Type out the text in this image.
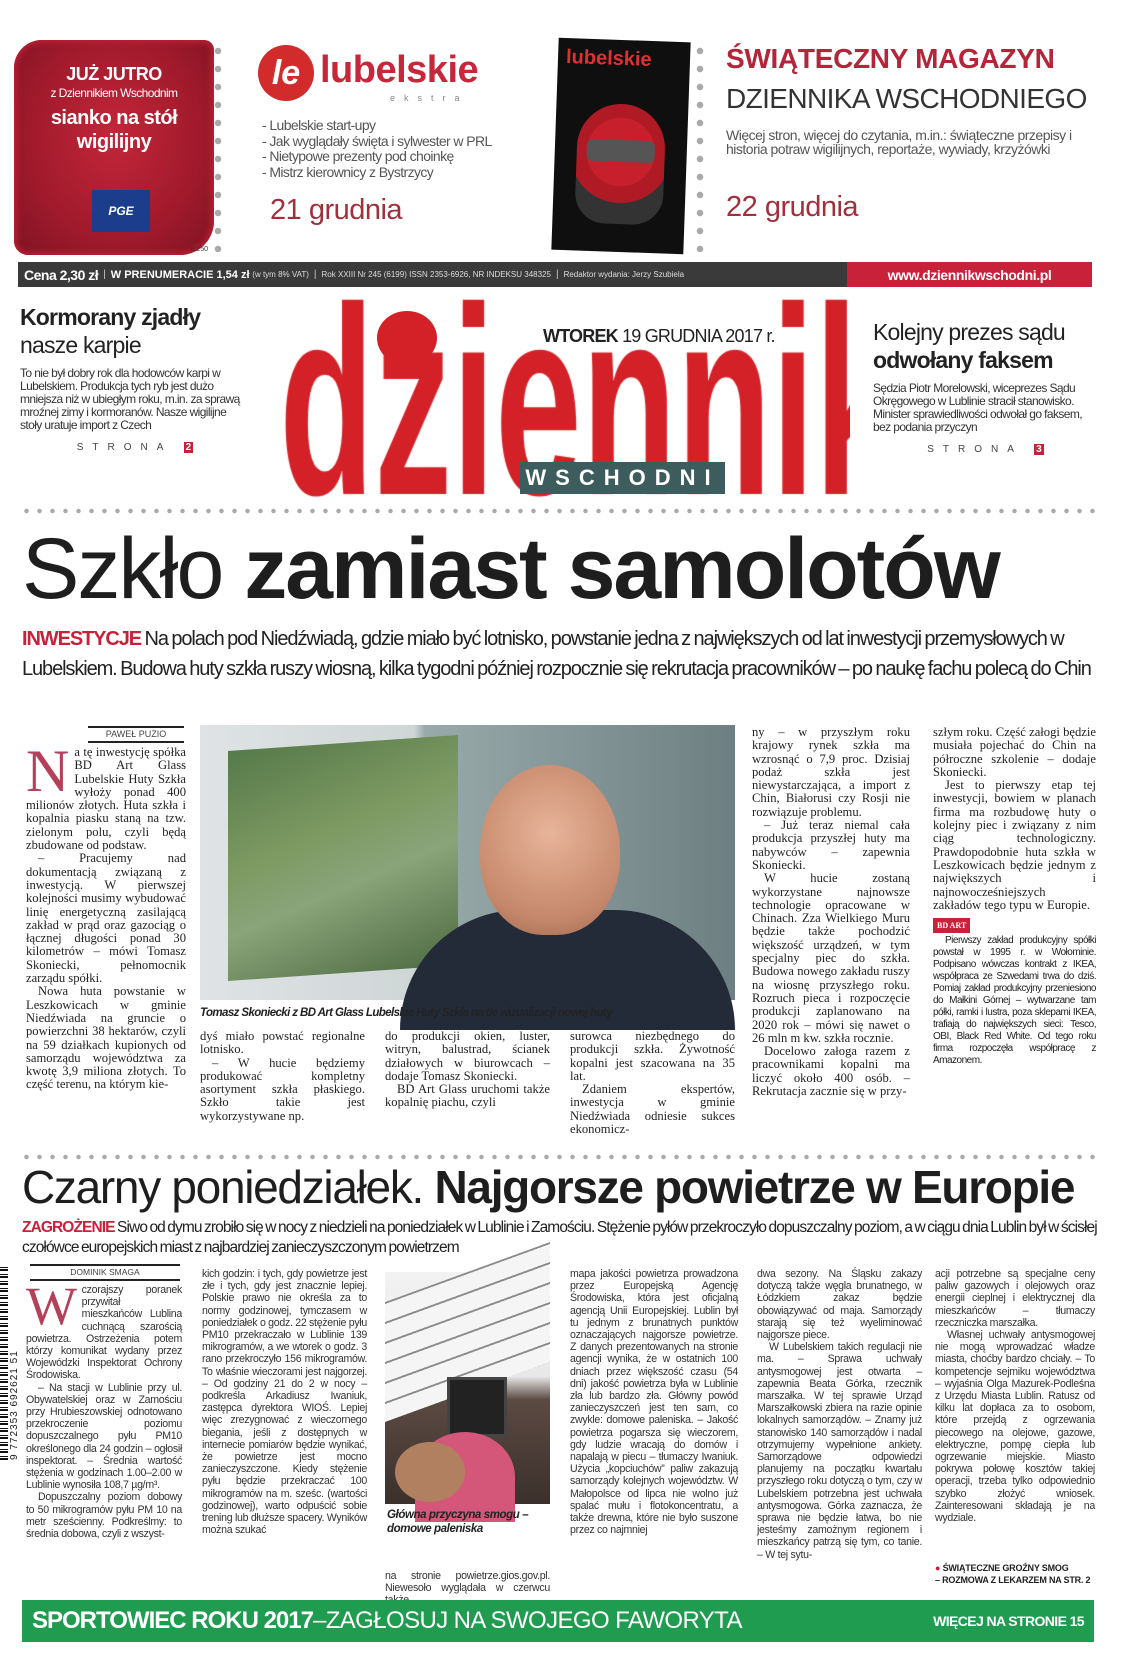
JUŻ JUTRO
z Dziennikiem Wschodnim
sianko na stół wigilijny
PGE
te250
le lubelskie
ekstra
- Lubelskie start-upy
- Jak wyglądały święta i sylwester w PRL
- Nietypowe prezenty pod choinkę
- Mistrz kierownicy z Bystrzycy
21 grudnia
lubelskie	ŚWIĄTECZNY MAGAZYN
DZIENNIKA WSCHODNIEGO
Więcej stron, więcej do czytania, m.in.: świąteczne przepisy i historia potraw wigilijnych, reportaże, wywiady, krzyżówki
22 grudnia
Cena 2,30 zł | W PRENUMERACIE 1,54 zł
(w tym 8% VAT) | Rok XXIII Nr 245 (6199) ISSN 2353-6926, NR INDEKSU 348325 | Redaktor wydania: Jerzy Szubiela	www.dziennikwschodni.pl
Kormorany zjadły
nasze karpie

To nie był dobry rok dla hodowców karpi w Lubelskiem. Produkcja tych ryb jest dużo mniejsza niż w ubiegłym roku, m.in. za sprawą mroźnej zimy i kormoranów. Nasze wigilijne stoły uratuje import z Czech

STRONA 2
WSCHODNI
WTOREK 19 GRUDNIA 2017 r.	Kolejny prezes sądu
odwołany faksem

Sędzia Piotr Morelowski, wiceprezes Sądu Okręgowego w Lublinie stracił stanowisko. Minister sprawiedliwości odwołał go faksem, bez podania przyczyn

STRONA 3
Szkło zamiast samolotów
INWESTYCJE Na polach pod Niedźwiadą, gdzie miało być lotnisko, powstanie jedna z największych od lat inwestycji przemysłowych w Lubelskiem. Budowa huty szkła ruszy wiosną, kilka tygodni później rozpocznie się rekrutacja pracowników – po naukę fachu polecą do Chin
PAWEŁ PUZIO
N a tę inwestycję spółka BD Art Glass Lubelskie Huty Szkła wyłoży ponad 400 milionów złotych. Huta szkła i kopalnia piasku staną na tzw. zielonym polu, czyli będą zbudowane od podstaw.

– Pracujemy nad dokumentacją związaną z inwestycją. W pierwszej kolejności musimy wybudować linię energetyczną zasilającą zakład w prąd oraz gazociąg o łącznej długości ponad 30 kilometrów – mówi Tomasz Skoniecki, pełnomocnik zarządu spółki.

Nowa huta powstanie w Leszkowicach w gminie Niedźwiada na gruncie o powierzchni 38 hektarów, czyli na 59 działkach kupionych od samorządu województwa za kwotę 3,9 miliona złotych. To część terenu, na którym kie-

Tomasz Skoniecki z BD Art Glass Lubelskie Huty Szkła na tle wizualizacji nowej huty

dyś miało powstać regionalne lotnisko.

– W hucie będziemy produkować kompletny asortyment szkła płaskiego. Szkło takie jest wykorzystywane np.

do produkcji okien, luster, witryn, balustrad, ścianek działowych w biurowcach – dodaje Tomasz Skoniecki.

BD Art Glass uruchomi także kopalnię piachu, czyli

surowca niezbędnego do produkcji szkła. Żywotność kopalni jest szacowana na 35 lat.

Zdaniem ekspertów, inwestycja w gminie Niedźwiada odniesie sukces ekonomicz-

ny – w przyszłym roku krajowy rynek szkła ma wzrosnąć o 7,9 proc. Dzisiaj podaż szkła jest niewystarczająca, a import z Chin, Białorusi czy Rosji nie rozwiązuje problemu.

– Już teraz niemal cała produkcja przyszłej huty ma nabywców – zapewnia Skoniecki.

W hucie zostaną wykorzystane najnowsze technologie opracowane w Chinach. Zza Wielkiego Muru będzie także pochodzić większość urządzeń, w tym specjalny piec do szkła. Budowa nowego zakładu ruszy na wiosnę przyszłego roku. Rozruch pieca i rozpoczęcie produkcji zaplanowano na 2020 rok – mówi się nawet o 26 mln m kw. szkła rocznie.

Docelowo załoga razem z pracownikami kopalni ma liczyć około 400 osób. – Rekrutacja zacznie się w przy-

szłym roku. Część załogi będzie musiała pojechać do Chin na półroczne szkolenie – dodaje Skoniecki.

Jest to pierwszy etap tej inwestycji, bowiem w planach firma ma rozbudowę huty o kolejny piec i związany z nim ciąg technologiczny. Prawdopodobnie huta szkła w Leszkowicach będzie jednym z największych i najnowocześniejszych zakładów tego typu w Europie.

BD ART

Pierwszy zakład produkcyjny spółki powstał w 1995 r. w Wołominie. Podpisano wówczas kontrakt z IKEA, współpraca ze Szwedami trwa do dziś. Pomiaj zakład produkcyjny przeniesiono do Małkini Górnej – wytwarzane tam półki, ramki i lustra, poza sklepami IKEA, trafiają do największych sieci: Tesco, OBI, Black Red White. Od tego roku firma rozpoczęła współpracę z Amazonem.

Czarny poniedziałek. Najgorsze powietrze w Europie
ZAGROŻENIE Siwo od dymu zrobiło się w nocy z niedzieli na poniedziałek w Lublinie i Zamościu. Stężenie pyłów przekroczyło dopuszczalny poziom, a w ciągu dnia Lublin był w ścisłej czołówce europejskich miast z najbardziej zanieczyszczonym powietrzem
9 772353 692621 51
DOMINIK SMAGA
W czorajszy poranek przywitał mieszkańców Lublina cuchnącą szarością powietrza. Ostrzeżenia potem którzy komunikat wydany przez Wojewódzki Inspektorat Ochrony Środowiska.

– Na stacji w Lublinie przy ul. Obywatelskiej oraz w Zamościu przy Hrubieszowskiej odnotowano przekroczenie poziomu dopuszczalnego pyłu PM10 określonego dla 24 godzin – ogłosił inspektorat. – Średnia wartość stężenia w godzinach 1.00–2.00 w Lublinie wynosiła 108,7 µg/m³.

Dopuszczalny poziom dobowy to 50 mikrogramów pyłu PM 10 na metr sześcienny. Podkreślmy: to średnia dobowa, czyli z wszyst-

kich godzin: i tych, gdy powietrze jest złe i tych, gdy jest znacznie lepiej. Polskie prawo nie określa za to normy godzinowej, tymczasem w poniedziałek o godz. 22 stężenie pyłu PM10 przekraczało w Lublinie 139 mikrogramów, a we wtorek o godz. 3 rano przekroczyło 156 mikrogramów. To właśnie wieczorami jest najgorzej. – Od godziny 21 do 2 w nocy – podkreśla Arkadiusz Iwaniuk, zastępca dyrektora WIOŚ. Lepiej więc zrezygnować z wieczornego biegania, jeśli z dostępnych w internecie pomiarów będzie wynikać, że powietrze jest mocno zanieczyszczone. Kiedy stężenie pyłu będzie przekraczać 100 mikrogramów na m. sześc. (wartości godzinowej), warto odpuścić sobie trening lub dłuższe spacery. Wyników można szukać

Główna przyczyna smogu – domowe paleniska

na stronie powietrze.gios.gov.pl. Niewesoło wyglądała w czerwcu

mapa jakości powietrza prowadzona przez Europejską Agencję Środowiska, która jest oficjalną agencją Unii Europejskiej. Lublin był tu jednym z brunatnych punktów oznaczających najgorsze powietrze. Z danych prezentowanych na stronie agencji wynika, że w ostatnich 100 dniach przez większość czasu (54 dni) jakość powietrza była w Lublinie zła lub bardzo zła. Główny powód zanieczyszczeń jest ten sam, co zwykle: domowe paleniska. – Jakość powietrza pogarsza się wieczorem, gdy ludzie wracają do domów i napalają w piecu – tłumaczy Iwaniuk. Użycia „kopciuchów” paliw zakazują samorządy kolejnych województw. W Małopolsce od lipca nie wolno już spalać mułu i flotokoncentratu, a także drewna, które nie było suszone przez co najmniej

dwa sezony. Na Śląsku zakazy dotyczą także węgla brunatnego, w Łódzkiem zakaz będzie obowiązywać od maja. Samorządy starają się też wyeliminować najgorsze piece.

W Lubelskiem takich regulacji nie ma. – Sprawa uchwały antysmogowej jest otwarta – zapewnia Beata Górka, rzecznik marszałka. W tej sprawie Urząd Marszałkowski zbiera na razie opinie lokalnych samorządów. – Znamy już stanowisko 140 samorządów i nadal otrzymujemy wypełnione ankiety. Samorządowe odpowiedzi planujemy na początku kwartału przyszłego roku dotyczą o tym, czy w Lubelskiem potrzebna jest uchwała antysmogowa. Górka zaznacza, że sprawa nie będzie łatwa, bo nie jesteśmy zamożnym regionem i mieszkańcy patrzą się tym, co tanie. – W tej sytu-

acji potrzebne są specjalne ceny paliw gazowych i olejowych oraz energii cieplnej i elektrycznej dla mieszkańców – tłumaczy rzeczniczka marszałka.

Własnej uchwały antysmogowej nie mogą wprowadzać władze miasta, choćby bardzo chciały. – To kompetencje sejmiku województwa – wyjaśnia Olga Mazurek-Podleśna z Urzędu Miasta Lublin. Ratusz od kilku lat dopłaca za to osobom, które przejdą z ogrzewania piecowego na olejowe, gazowe, elektryczne, pompę ciepła lub ogrzewanie miejskie. Miasto pokrywa połowę kosztów takiej operacji, trzeba tylko odpowiednio szybko złożyć wniosek. Zainteresowani składają je na wydziale.

● ŚWIĄTECZNE GROŹNY SMOG
– ROZMOWA Z LEKARZEM NA STR. 2
SPORTOWIEC ROKU 2017 –ZAGŁOSUJ NA SWOJEGO FAWORYTA	WIĘCEJ NA STRONIE 15
